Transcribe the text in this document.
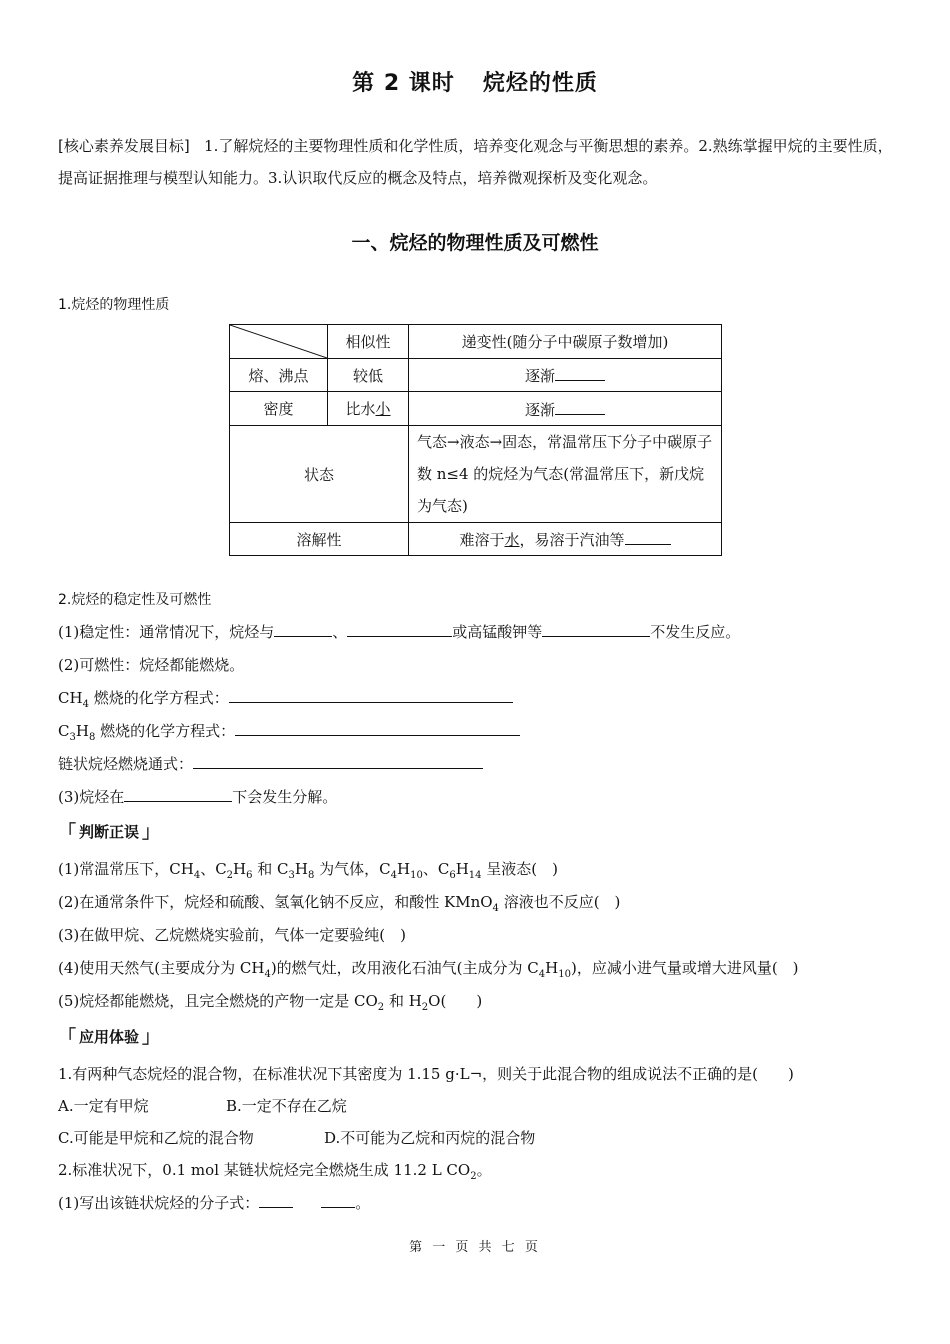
第 2 课时 烷烃的性质
[核心素养发展目标] 1.了解烷烃的主要物理性质和化学性质，培养变化观念与平衡思想的素养。2.熟练掌握甲烷的主要性质，提高证据推理与模型认知能力。3.认识取代反应的概念及特点，培养微观探析及变化观念。
一、烷烃的物理性质及可燃性
1.烷烃的物理性质
	相似性	递变性(随分子中碳原子数增加)
熔、沸点	较低	逐渐
密度	比水小	逐渐
状态		气态→液态→固态，常温常压下分子中碳原子数 n≤4 的烷烃为气态(常温常压下，新戊烷为气态)
溶解性		难溶于水，易溶于汽油等
2.烷烃的稳定性及可燃性
(1)稳定性：通常情况下，烷烃与	、	或高锰酸钾等	不发生反应。
(2)可燃性：烷烃都能燃烧。
$CH_4$ 燃烧的化学方程式：
$C_3H_8$ 燃烧的化学方程式：
链状烷烃燃烧通式：
(3)烷烃在	下会发生分解。
「 判断正误 」
(1)常温常压下，$CH_4$、$C_2H_6$ 和 $C_3H_8$ 为气体，$C_4H_{10}$、$C_6H_{14}$ 呈液态(　)
(2)在通常条件下，烷烃和硫酸、氢氧化钠不反应，和酸性 KMnO$_4$ 溶液也不反应(　)
(3)在做甲烷、乙烷燃烧实验前，气体一定要验纯(　)
(4)使用天然气(主要成分为 $CH_4$)的燃气灶，改用液化石油气(主成分为 $C_4H_{10}$)，应减小进气量或增大进风量(　)
(5)烷烃都能燃烧，且完全燃烧的产物一定是 $CO_2$ 和 $H_2O$(　　)
「 应用体验 」
1.有两种气态烷烃的混合物，在标准状况下其密度为 1.15 g·L¬，则关于此混合物的组成说法不正确的是(　　)
A.一定有甲烷	B.一定不存在乙烷
C.可能是甲烷和乙烷的混合物	D.不可能为乙烷和丙烷的混合物
2.标准状况下，0.1 mol 某链状烷烃完全燃烧生成 11.2 L $CO_2$。
(1)写出该链状烷烃的分子式：	。
第 一 页 共 七 页
